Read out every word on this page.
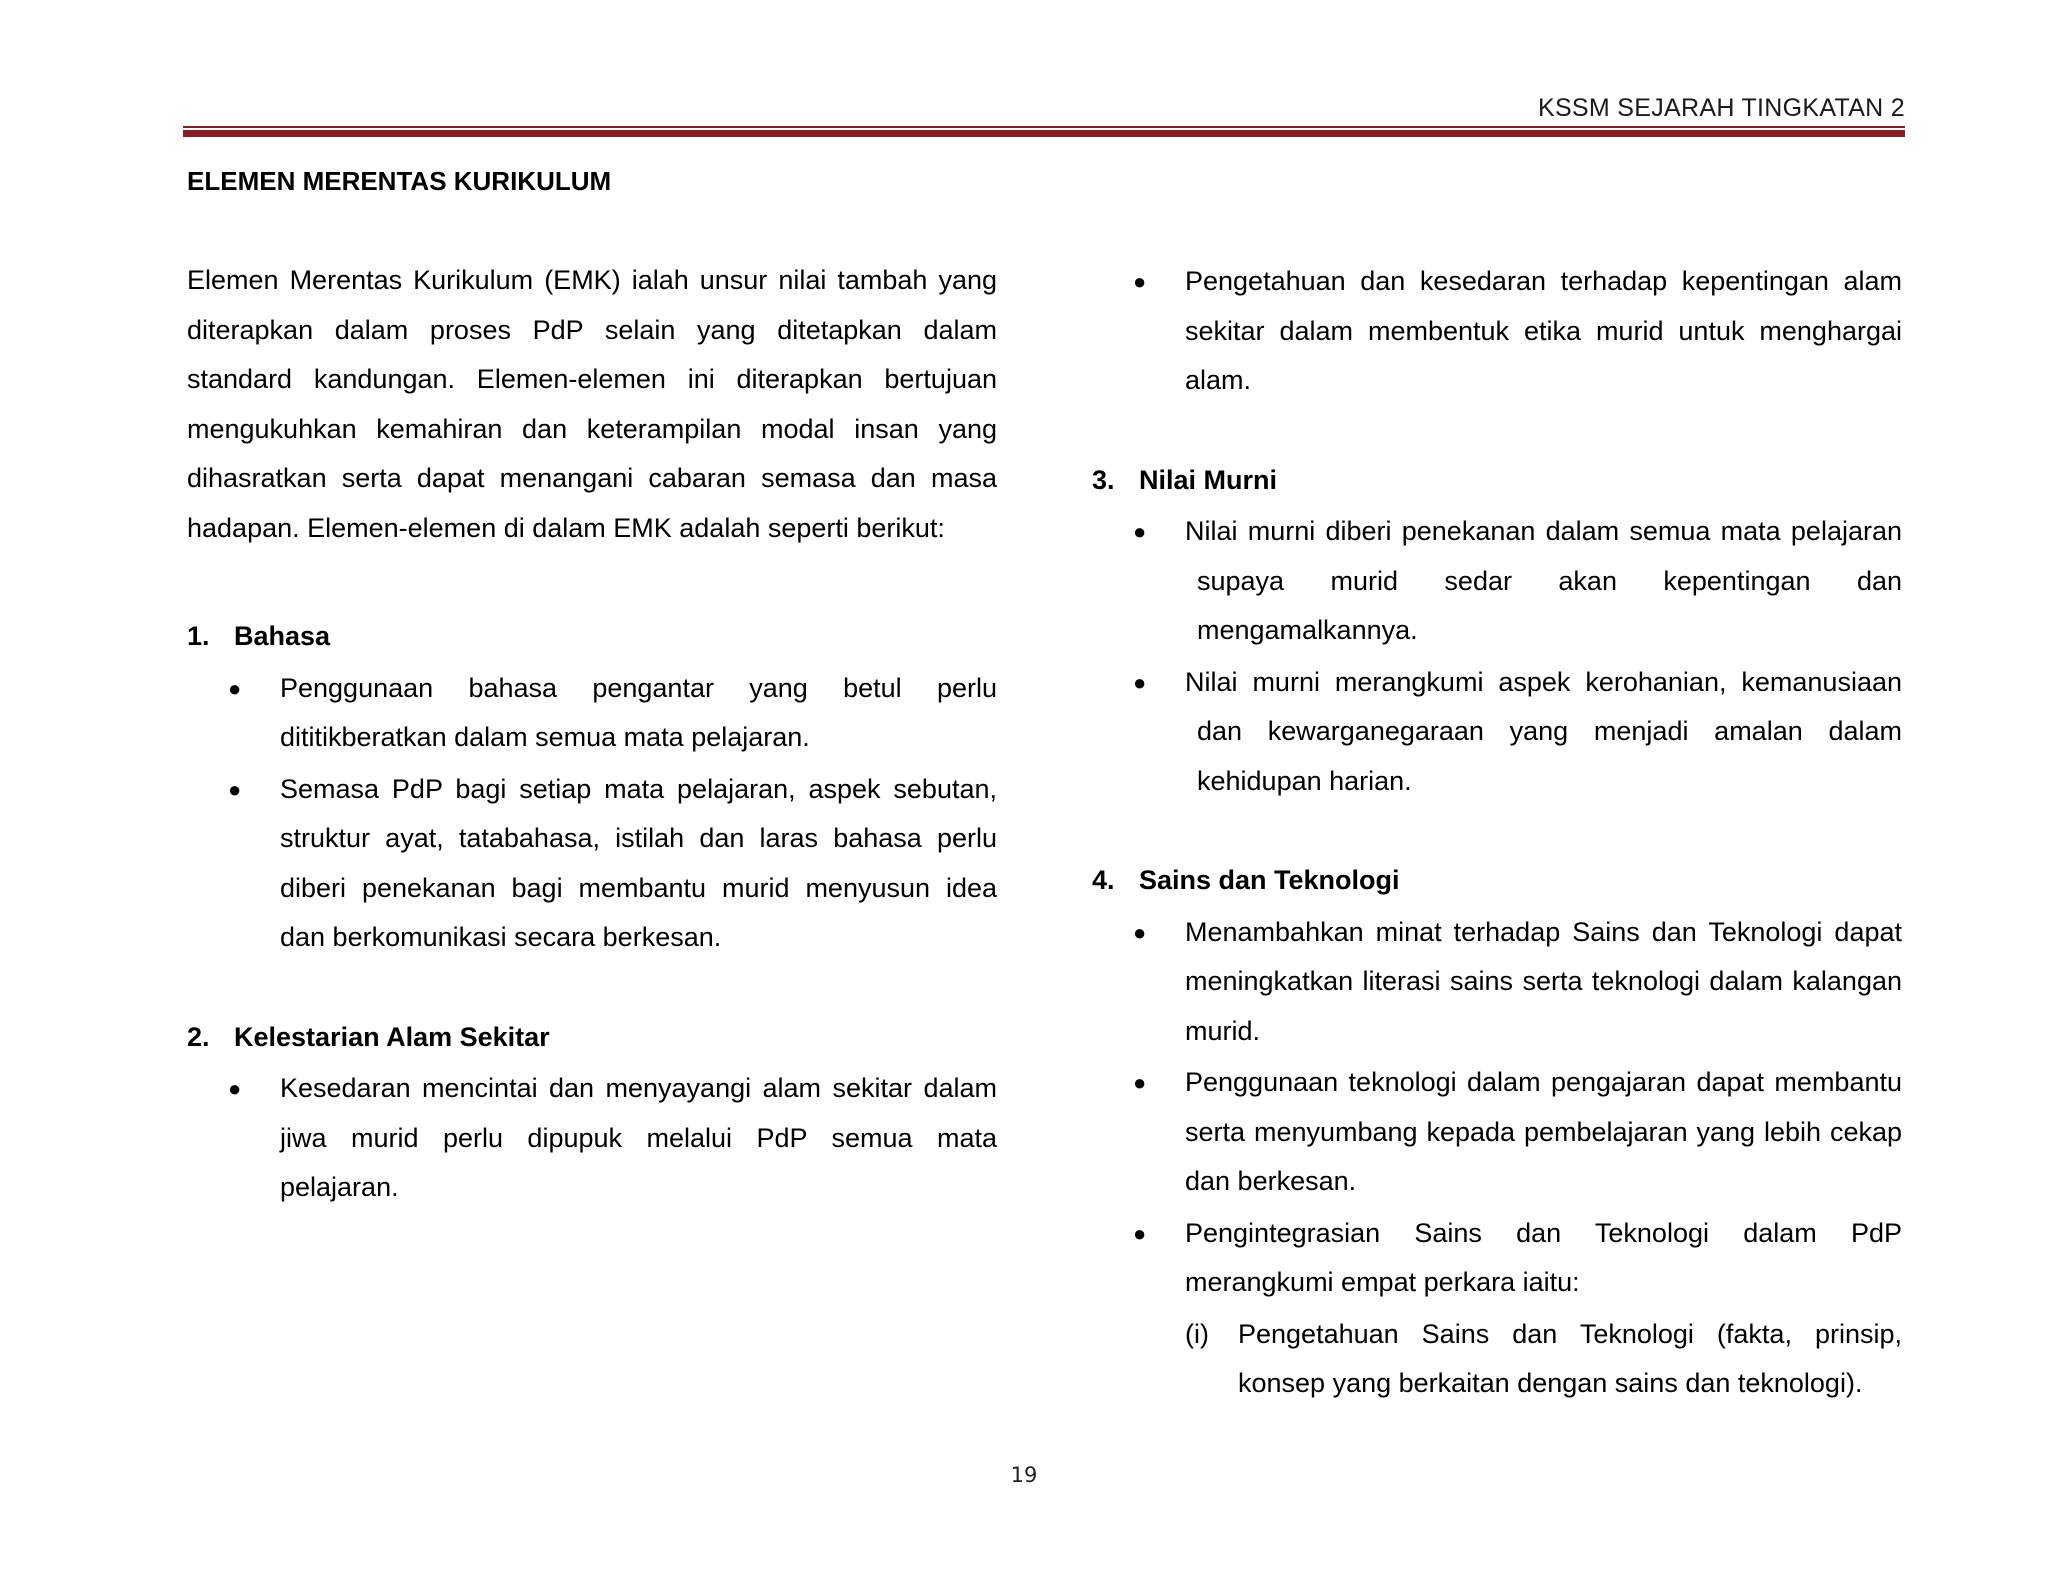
KSSM SEJARAH TINGKATAN 2
ELEMEN MERENTAS KURIKULUM

Elemen Merentas Kurikulum (EMK) ialah unsur nilai tambah yang diterapkan dalam proses PdP selain yang ditetapkan dalam standard kandungan. Elemen-elemen ini diterapkan bertujuan mengukuhkan kemahiran dan keterampilan modal insan yang dihasratkan serta dapat menangani cabaran semasa dan masa hadapan. Elemen-elemen di dalam EMK adalah seperti berikut:

1. Bahasa
● Penggunaan bahasa pengantar yang betul perlu dititikberatkan dalam semua mata pelajaran.
● Semasa PdP bagi setiap mata pelajaran, aspek sebutan, struktur ayat, tatabahasa, istilah dan laras bahasa perlu diberi penekanan bagi membantu murid menyusun idea dan berkomunikasi secara berkesan.
2. Kelestarian Alam Sekitar
● Kesedaran mencintai dan menyayangi alam sekitar dalam jiwa murid perlu dipupuk melalui PdP semua mata pelajaran.
● Pengetahuan dan kesedaran terhadap kepentingan alam sekitar dalam membentuk etika murid untuk menghargai alam.
3. Nilai Murni
● Nilai murni diberi penekanan dalam semua mata pelajaran supaya murid sedar akan kepentingan dan mengamalkannya.
● Nilai murni merangkumi aspek kerohanian, kemanusiaan dan kewarganegaraan yang menjadi amalan dalam kehidupan harian.
4. Sains dan Teknologi
● Menambahkan minat terhadap Sains dan Teknologi dapat meningkatkan literasi sains serta teknologi dalam kalangan murid.
● Penggunaan teknologi dalam pengajaran dapat membantu serta menyumbang kepada pembelajaran yang lebih cekap dan berkesan.
● Pengintegrasian Sains dan Teknologi dalam PdP merangkumi empat perkara iaitu:
(i) Pengetahuan Sains dan Teknologi (fakta, prinsip, konsep yang berkaitan dengan sains dan teknologi).
19
